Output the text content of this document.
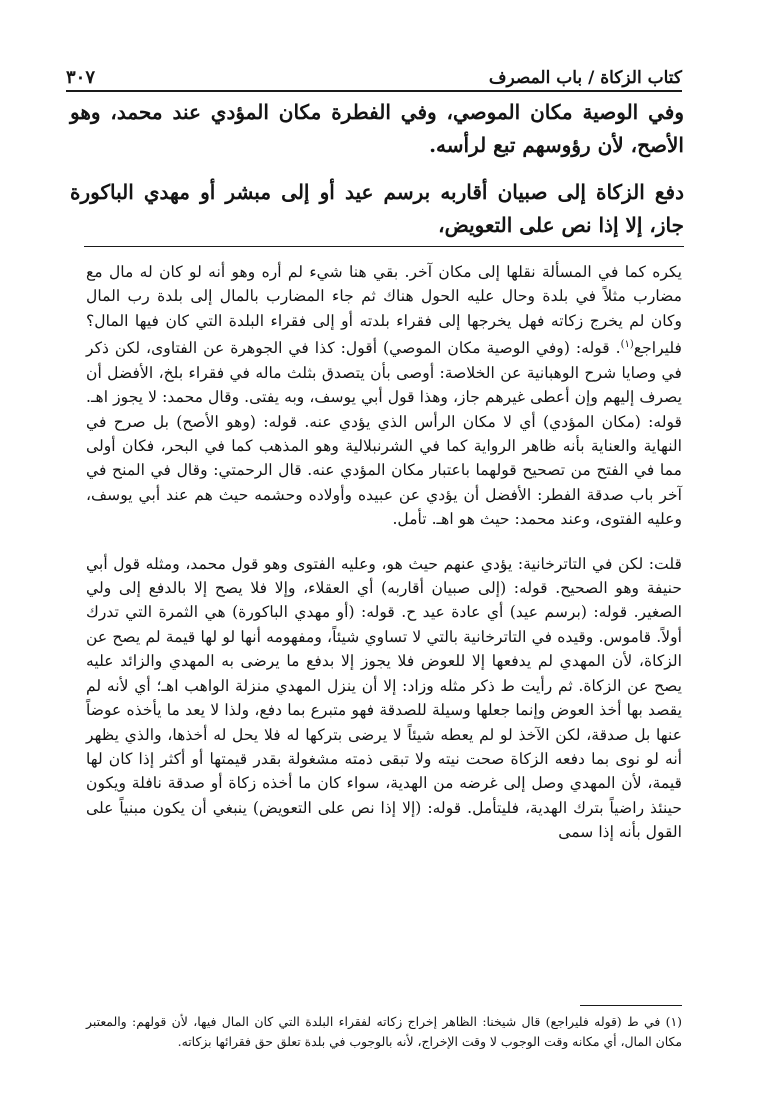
٣٠٧	كتاب الزكاة / باب المصرف

وفي الوصية مكان الموصي، وفي الفطرة مكان المؤدي عند محمد، وهو الأصح، لأن رؤوسهم تبع لرأسه.

دفع الزكاة إلى صبيان أقاربه برسم عيد أو إلى مبشر أو مهدي الباكورة جاز، إلا إذا نص على التعويض،

يكره كما في المسألة نقلها إلى مكان آخر. بقي هنا شيء لم أره وهو أنه لو كان له مال مع مضارب مثلاً في بلدة وحال عليه الحول هناك ثم جاء المضارب بالمال إلى بلدة رب المال وكان لم يخرج زكاته فهل يخرجها إلى فقراء بلدته أو إلى فقراء البلدة التي كان فيها المال؟ فليراجع$^{(١)}$. قوله: (وفي الوصية مكان الموصي) أقول: كذا في الجوهرة عن الفتاوى، لكن ذكر في وصايا شرح الوهبانية عن الخلاصة: أوصى بأن يتصدق بثلث ماله في فقراء بلخ، الأفضل أن يصرف إليهم وإن أعطى غيرهم جاز، وهذا قول أبي يوسف، وبه يفتى. وقال محمد: لا يجوز اهـ. قوله: (مكان المؤدي) أي لا مكان الرأس الذي يؤدي عنه. قوله: (وهو الأصح) بل صرح في النهاية والعناية بأنه ظاهر الرواية كما في الشرنبلالية وهو المذهب كما في البحر، فكان أولى مما في الفتح من تصحيح قولهما باعتبار مكان المؤدي عنه. قال الرحمتي: وقال في المنح في آخر باب صدقة الفطر: الأفضل أن يؤدي عن عبيده وأولاده وحشمه حيث هم عند أبي يوسف، وعليه الفتوى، وعند محمد: حيث هو اهـ. تأمل.

قلت: لكن في التاترخانية: يؤدي عنهم حيث هو، وعليه الفتوى وهو قول محمد، ومثله قول أبي حنيفة وهو الصحيح. قوله: (إلى صبيان أقاربه) أي العقلاء، وإلا فلا يصح إلا بالدفع إلى ولي الصغير. قوله: (برسم عيد) أي عادة عيد ح. قوله: (أو مهدي الباكورة) هي الثمرة التي تدرك أولاً. قاموس. وقيده في التاترخانية بالتي لا تساوي شيئاً، ومفهومه أنها لو لها قيمة لم يصح عن الزكاة، لأن المهدي لم يدفعها إلا للعوض فلا يجوز إلا بدفع ما يرضى به المهدي والزائد عليه يصح عن الزكاة. ثم رأيت ط ذكر مثله وزاد: إلا أن ينزل المهدي منزلة الواهب اهـ؛ أي لأنه لم يقصد بها أخذ العوض وإنما جعلها وسيلة للصدقة فهو متبرع بما دفع، ولذا لا يعد ما يأخذه عوضاً عنها بل صدقة، لكن الآخذ لو لم يعطه شيئاً لا يرضى بتركها له فلا يحل له أخذها، والذي يظهر أنه لو نوى بما دفعه الزكاة صحت نيته ولا تبقى ذمته مشغولة بقدر قيمتها أو أكثر إذا كان لها قيمة، لأن المهدي وصل إلى غرضه من الهدية، سواء كان ما أخذه زكاة أو صدقة نافلة ويكون حينئذ راضياً بترك الهدية، فليتأمل. قوله: (إلا إذا نص على التعويض) ينبغي أن يكون مبنياً على القول بأنه إذا سمى

(١) في ط (قوله فليراجع) قال شيخنا: الظاهر إخراج زكاته لفقراء البلدة التي كان المال فيها، لأن قولهم: والمعتبر مكان المال، أي مكانه وقت الوجوب لا وقت الإخراج، لأنه بالوجوب في بلدة تعلق حق فقرائها بزكاته.
